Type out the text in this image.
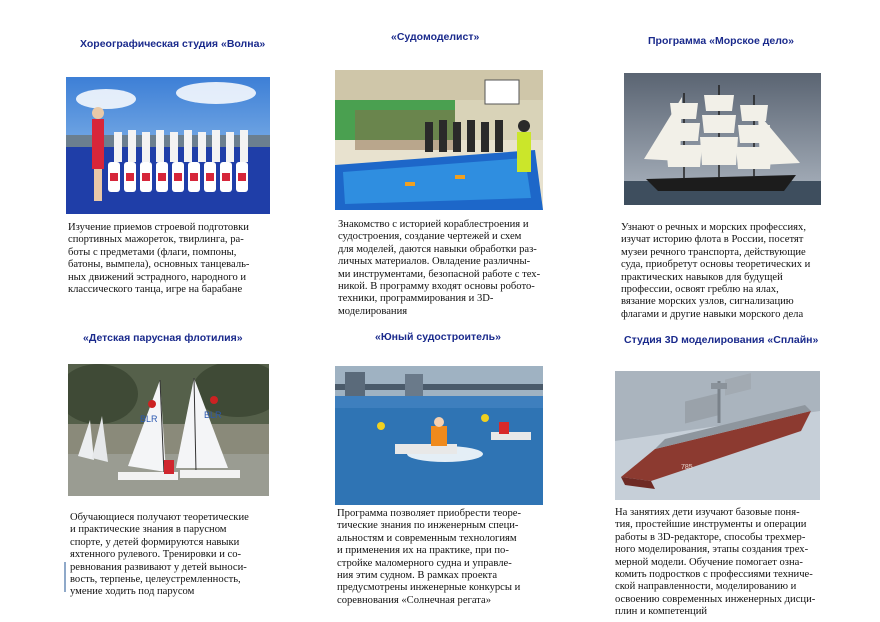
Хореографическая студия «Волна»

Изучение приемов строевой подготовки
спортивных мажореток, твирлинга, ра-
боты с предметами (флаги, помпоны,
батоны, вымпела), основных танцеваль-
ных движений эстрадного, народного и
классического танца, игре на барабане

«Судомоделист»

Знакомство с историей кораблестроения и
судостроения, создание чертежей и схем
для моделей, даются навыки обработки раз-
личных материалов. Овладение различны-
ми инструментами, безопасной работе с тех-
никой. В программу входят основы робото-
техники, программирования и 3D-
моделирования

Программа «Морское дело»

Узнают о речных и морских профессиях,
изучат историю флота в России, посетят
музеи речного транспорта, действующие
суда, приобретут основы теоретических и
практических навыков для будущей
профессии, освоят греблю на ялах,
вязание морских узлов, сигнализацию
флагами и другие навыки морского дела

«Детская парусная флотилия»
BLR	BLR

Обучающиеся получают теоретические
и практические знания в парусном
спорте, у детей формируются навыки
яхтенного рулевого. Тренировки и со-
ревнования развивают у детей выноси-
вость, терпенье, целеустремленность,
умение ходить под парусом

«Юный судостроитель»

Программа позволяет приобрести теоре-
тические знания по инженерным специ-
альностям и современным технологиям
и применения их на практике, при по-
стройке маломерного судна и управле-
ния этим судном. В рамках проекта
предусмотрены инженерные конкурсы и
соревнования «Солнечная регата»

Студия 3D моделирования «Сплайн»
785

На занятиях дети изучают базовые поня-
тия, простейшие инструменты и операции
работы в 3D-редакторе, способы трехмер-
ного моделирования, этапы создания трех-
мерной модели. Обучение помогает озна-
комить подростков с профессиями техниче-
ской направленности, моделированию и
освоению современных инженерных дисци-
плин и компетенций
